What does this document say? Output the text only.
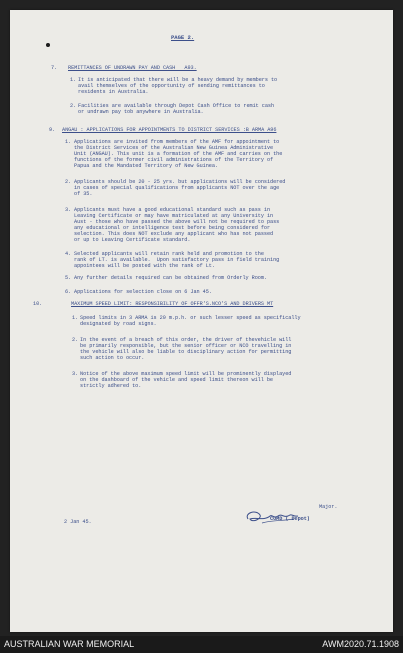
PAGE 2.
7. REMITTANCES OF UNDRAWN PAY AND CASH   A93.
1. It is anticipated that there will be a heavy demand by members to
avail themselves of the opportunity of sending remittances to
residents in Australia.
2. Facilities are available through Depot Cash Office to remit cash
or undrawn pay tob anywhere in Australia.
9. ANGAU : APPLICATIONS FOR APPOINTMENTS TO DISTRICT SERVICES :B ARMA A96
1. Applications are invited from members of the AMF for appointment to
the District Services of the Australian New Guinea Administrative
Unit (ANGAU). This unit is a formation of the AMF and carries on the
functions of the former civil administrations of the Territory of
Papua and the Mandated Territory of New Guinea.
2. Applicants should be 20 - 25 yrs. but applications will be considered
in cases of special qualifications from applicants NOT over the age
of 35.
3. Applicants must have a good educational standard such as pass in
Leaving Certificate or may have matriculated at any University in
Aust - those who have passed the above will not be required to pass
any educational or intelligence test before being considered for
selection. This does NOT exclude any applicant who has not passed
or up to Leaving Certificate standard.
4. Selected applicants will retain rank held and promotion to the
rank of LT. is available.  Upon satisfactory pass in field training
appointees will be posted with the rank of Lt.
5. Any further details required can be obtained from Orderly Room.
6. Applications for selection close on 6 Jan 45.
10.	MAXIMUM SPEED LIMIT: RESPONSIBILITY OF OFFR'S.NCO'S AND DRIVERS MT
1. Speed limits in 3 ARMA is 20 m.p.h. or such lesser speed as specifically
designated by road signs.
2. In the event of a breach of this order, the driver of thevehicle will
be primarily responsible, but the senior officer or NCO travelling in
the vehicle will also be liable to disciplinary action for permitting
such action to occur.
3. Notice of the above maximum speed limit will be prominently displayed
on the dashboard of the vehicle and speed limit thereon will be
strictly adhered to.
Major.
COMD ( Depot)
2 Jan 45.
AUSTRALIAN WAR MEMORIAL	AWM2020.71.1908
